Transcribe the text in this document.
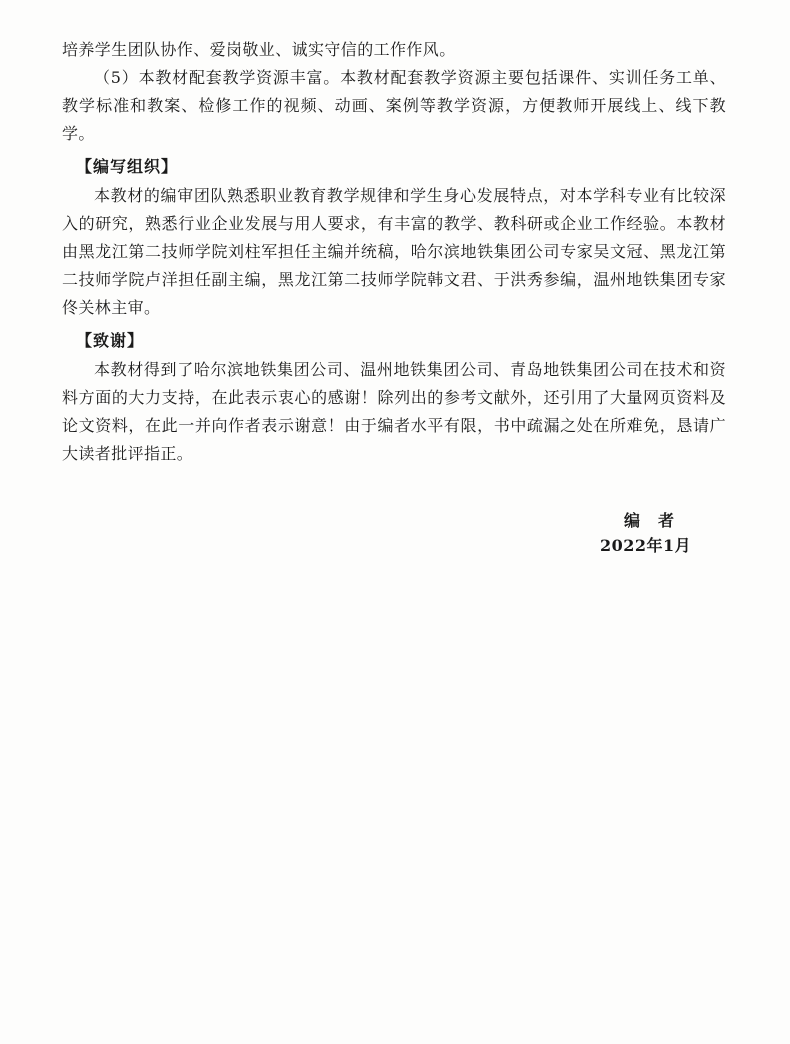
培养学生团队协作、爱岗敬业、诚实守信的工作作风。

（5）本教材配套教学资源丰富。本教材配套教学资源主要包括课件、实训任务工单、教学标准和教案、检修工作的视频、动画、案例等教学资源，方便教师开展线上、线下教学。

【编写组织】

本教材的编审团队熟悉职业教育教学规律和学生身心发展特点，对本学科专业有比较深入的研究，熟悉行业企业发展与用人要求，有丰富的教学、教科研或企业工作经验。本教材由黑龙江第二技师学院刘柱军担任主编并统稿，哈尔滨地铁集团公司专家吴文冠、黑龙江第二技师学院卢洋担任副主编，黑龙江第二技师学院韩文君、于洪秀参编，温州地铁集团专家佟关林主审。

【致谢】

本教材得到了哈尔滨地铁集团公司、温州地铁集团公司、青岛地铁集团公司在技术和资料方面的大力支持，在此表示衷心的感谢！除列出的参考文献外，还引用了大量网页资料及论文资料，在此一并向作者表示谢意！由于编者水平有限，书中疏漏之处在所难免，恳请广大读者批评指正。

编者
2022年1月
